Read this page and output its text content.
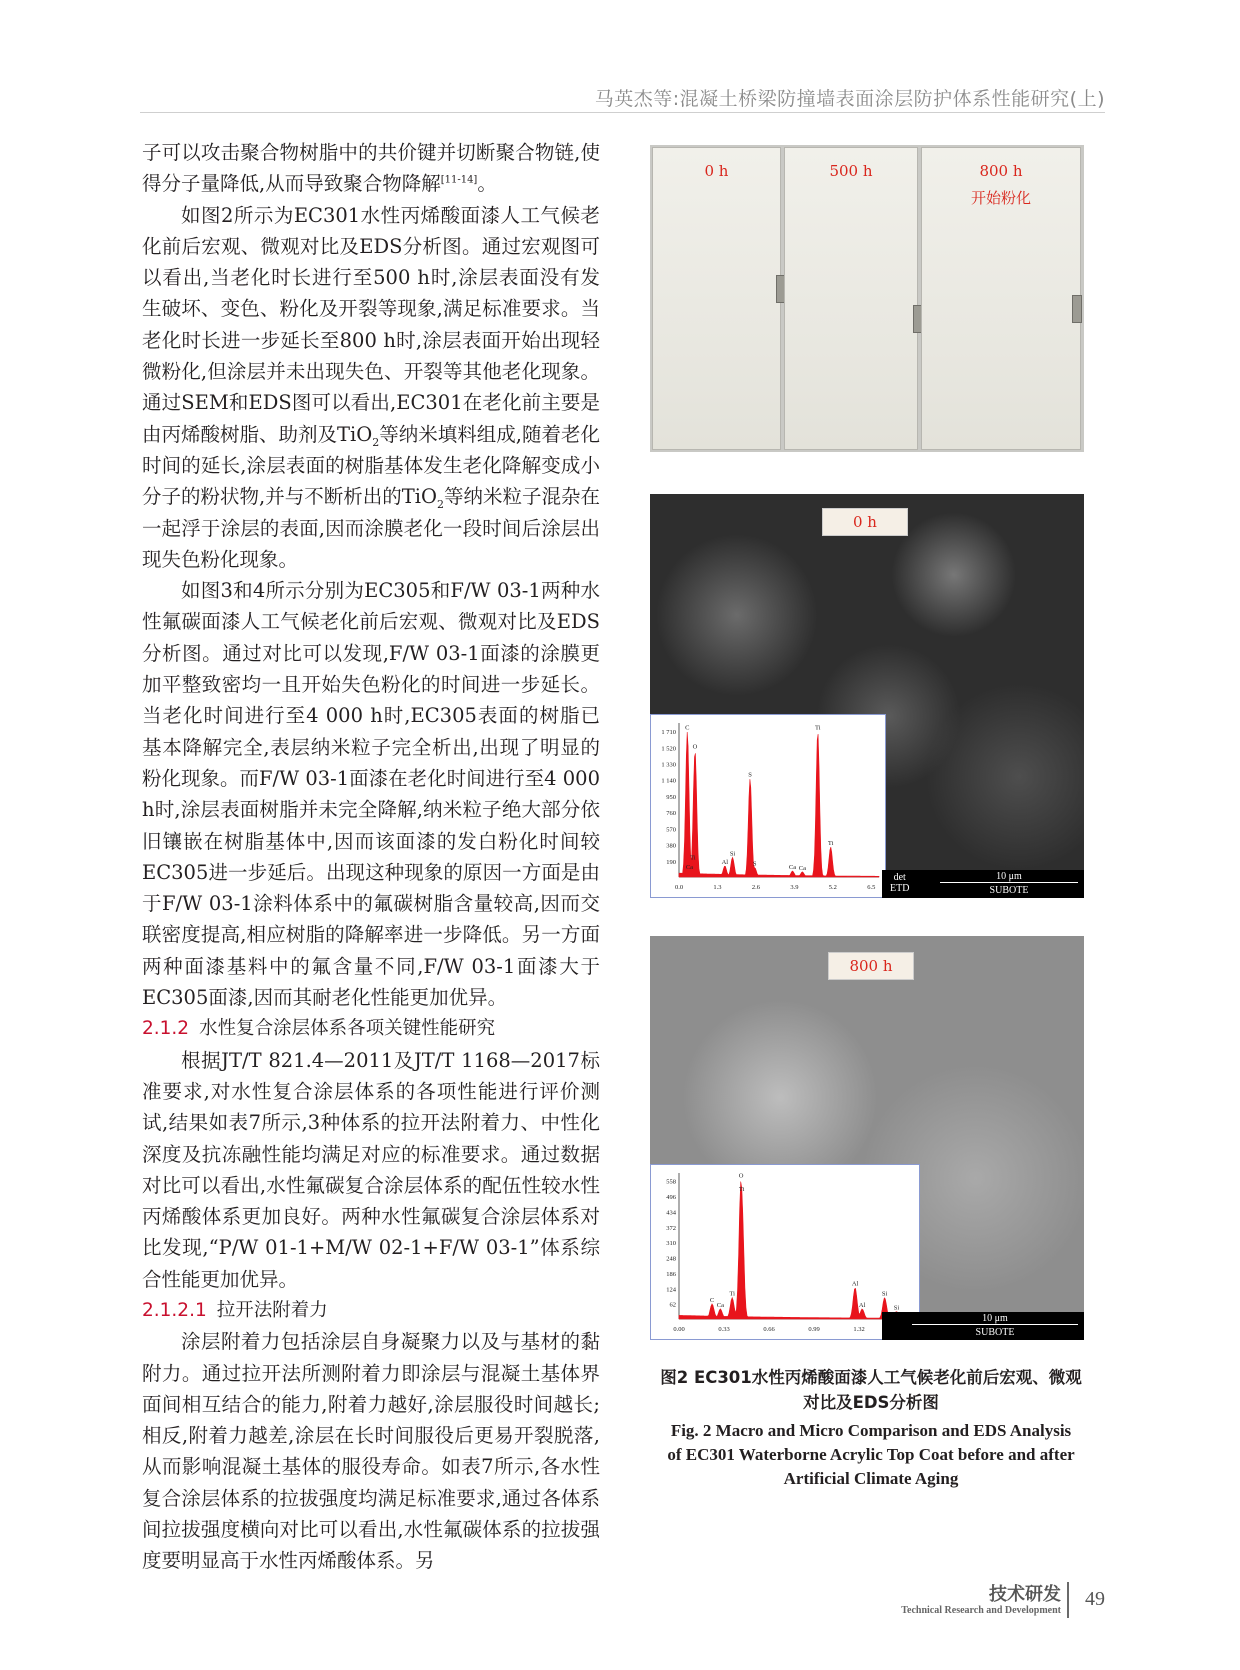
马英杰等:混凝土桥梁防撞墙表面涂层防护体系性能研究(上)

子可以攻击聚合物树脂中的共价键并切断聚合物链,使得分子量降低,从而导致聚合物降解[11-14]。

如图2所示为EC301水性丙烯酸面漆人工气候老化前后宏观、微观对比及EDS分析图。通过宏观图可以看出,当老化时长进行至500 h时,涂层表面没有发生破坏、变色、粉化及开裂等现象,满足标准要求。当老化时长进一步延长至800 h时,涂层表面开始出现轻微粉化,但涂层并未出现失色、开裂等其他老化现象。通过SEM和EDS图可以看出,EC301在老化前主要是由丙烯酸树脂、助剂及TiO$_2$等纳米填料组成,随着老化时间的延长,涂层表面的树脂基体发生老化降解变成小分子的粉状物,并与不断析出的TiO$_2$等纳米粒子混杂在一起浮于涂层的表面,因而涂膜老化一段时间后涂层出现失色粉化现象。

如图3和4所示分别为EC305和F/W 03-1两种水性氟碳面漆人工气候老化前后宏观、微观对比及EDS分析图。通过对比可以发现,F/W 03-1面漆的涂膜更加平整致密均一且开始失色粉化的时间进一步延长。当老化时间进行至4 000 h时,EC305表面的树脂已基本降解完全,表层纳米粒子完全析出,出现了明显的粉化现象。而F/W 03-1面漆在老化时间进行至4 000 h时,涂层表面树脂并未完全降解,纳米粒子绝大部分依旧镶嵌在树脂基体中,因而该面漆的发白粉化时间较EC305进一步延后。出现这种现象的原因一方面是由于F/W 03-1涂料体系中的氟碳树脂含量较高,因而交联密度提高,相应树脂的降解率进一步降低。另一方面两种面漆基料中的氟含量不同,F/W 03-1面漆大于EC305面漆,因而其耐老化性能更加优异。

2.1.2 水性复合涂层体系各项关键性能研究

根据JT/T 821.4—2011及JT/T 1168—2017标准要求,对水性复合涂层体系的各项性能进行评价测试,结果如表7所示,3种体系的拉开法附着力、中性化深度及抗冻融性能均满足对应的标准要求。通过数据对比可以看出,水性氟碳复合涂层体系的配伍性较水性丙烯酸体系更加良好。两种水性氟碳复合涂层体系对比发现,“P/W 01-1+M/W 02-1+F/W 03-1”体系综合性能更加优异。

2.1.2.1 拉开法附着力

涂层附着力包括涂层自身凝聚力以及与基材的黏附力。通过拉开法所测附着力即涂层与混凝土基体界面间相互结合的能力,附着力越好,涂层服役时间越长;相反,附着力越差,涂层在长时间服役后更易开裂脱落,从而影响混凝土基体的服役寿命。如表7所示,各水性复合涂层体系的拉拔强度均满足标准要求,通过各体系间拉拔强度横向对比可以看出,水性氟碳体系的拉拔强度要明显高于水性丙烯酸体系。另

0 h	500 h	800 h
开始粉化
0 h
190
380
570
760
950
1 140
1 330
1 520
1 710
0.0	1.3	2.6	3.9	5.2	6.5
C
O
Ti
Ca
Al
Si
S
S	Ca Ca
Ti
Ti
det
ETD
10 μm
SUBOTE
800 h
62
124
186
248
310
372
434
496
558
0.00	0.33	0.66	0.99	1.32
C
Ca
Ti
O
Ti
Al
Al
Si
Si
10 μm
SUBOTE

图2 EC301水性丙烯酸面漆人工气候老化前后宏观、微观
对比及EDS分析图

Fig. 2 Macro and Micro Comparison and EDS Analysis
of EC301 Waterborne Acrylic Top Coat before and after
Artificial Climate Aging

技术研发
Technical Research and Development
49
